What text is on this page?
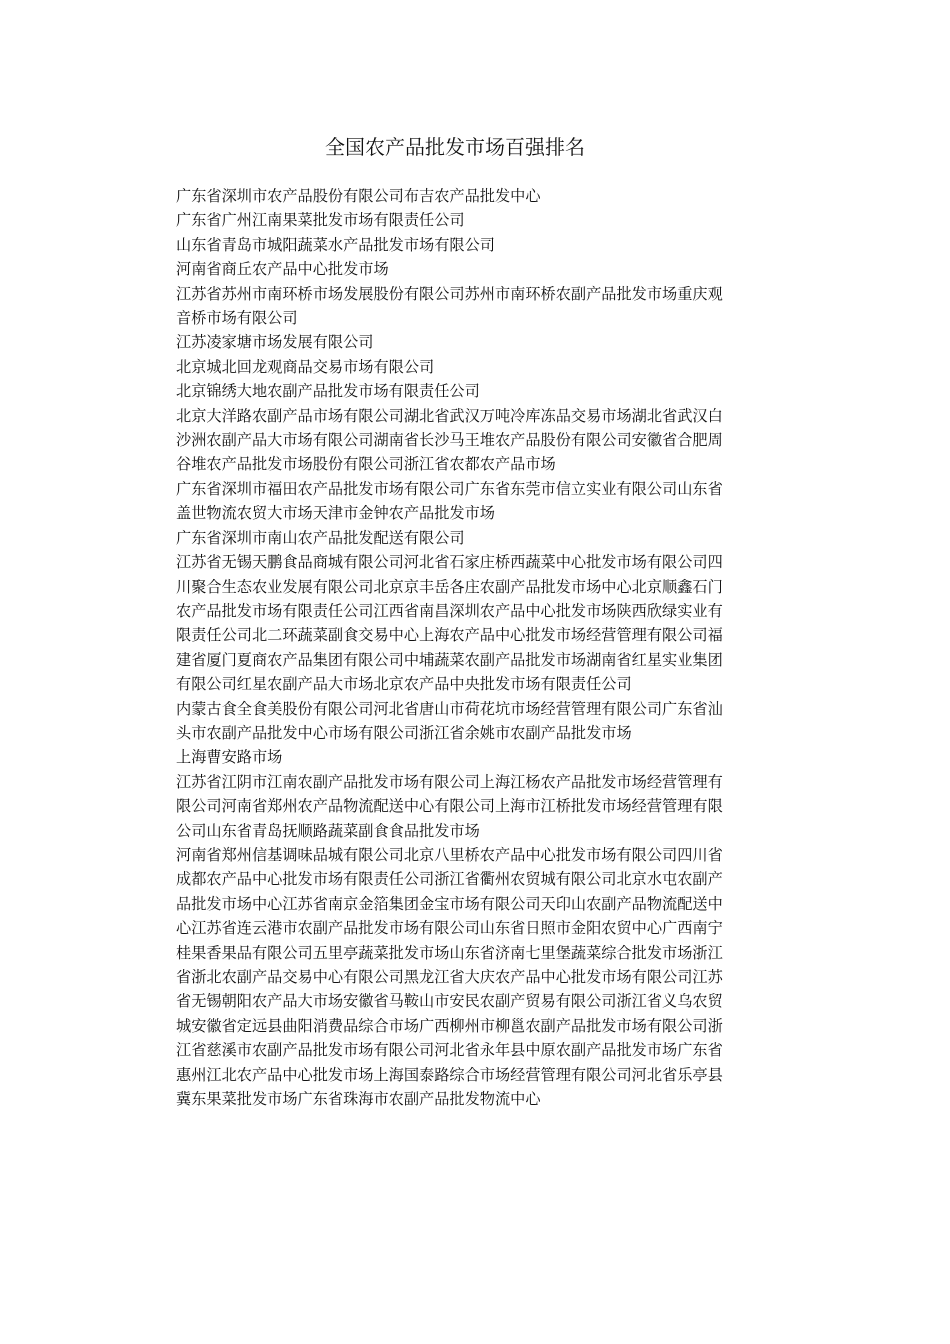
全国农产品批发市场百强排名

广东省深圳市农产品股份有限公司布吉农产品批发中心

广东省广州江南果菜批发市场有限责任公司

山东省青岛市城阳蔬菜水产品批发市场有限公司

河南省商丘农产品中心批发市场

江苏省苏州市南环桥市场发展股份有限公司苏州市南环桥农副产品批发市场重庆观音桥市场有限公司

江苏凌家塘市场发展有限公司

北京城北回龙观商品交易市场有限公司

北京锦绣大地农副产品批发市场有限责任公司

北京大洋路农副产品市场有限公司湖北省武汉万吨冷库冻品交易市场湖北省武汉白沙洲农副产品大市场有限公司湖南省长沙马王堆农产品股份有限公司安徽省合肥周谷堆农产品批发市场股份有限公司浙江省农都农产品市场

广东省深圳市福田农产品批发市场有限公司广东省东莞市信立实业有限公司山东省盖世物流农贸大市场天津市金钟农产品批发市场

广东省深圳市南山农产品批发配送有限公司

江苏省无锡天鹏食品商城有限公司河北省石家庄桥西蔬菜中心批发市场有限公司四川聚合生态农业发展有限公司北京京丰岳各庄农副产品批发市场中心北京顺鑫石门农产品批发市场有限责任公司江西省南昌深圳农产品中心批发市场陕西欣绿实业有限责任公司北二环蔬菜副食交易中心上海农产品中心批发市场经营管理有限公司福建省厦门夏商农产品集团有限公司中埔蔬菜农副产品批发市场湖南省红星实业集团有限公司红星农副产品大市场北京农产品中央批发市场有限责任公司

内蒙古食全食美股份有限公司河北省唐山市荷花坑市场经营管理有限公司广东省汕头市农副产品批发中心市场有限公司浙江省余姚市农副产品批发市场

上海曹安路市场

江苏省江阴市江南农副产品批发市场有限公司上海江杨农产品批发市场经营管理有限公司河南省郑州农产品物流配送中心有限公司上海市江桥批发市场经营管理有限公司山东省青岛抚顺路蔬菜副食食品批发市场

河南省郑州信基调味品城有限公司北京八里桥农产品中心批发市场有限公司四川省成都农产品中心批发市场有限责任公司浙江省衢州农贸城有限公司北京水屯农副产品批发市场中心江苏省南京金箔集团金宝市场有限公司天印山农副产品物流配送中心江苏省连云港市农副产品批发市场有限公司山东省日照市金阳农贸中心广西南宁桂果香果品有限公司五里亭蔬菜批发市场山东省济南七里堡蔬菜综合批发市场浙江省浙北农副产品交易中心有限公司黑龙江省大庆农产品中心批发市场有限公司江苏省无锡朝阳农产品大市场安徽省马鞍山市安民农副产贸易有限公司浙江省义乌农贸城安徽省定远县曲阳消费品综合市场广西柳州市柳邕农副产品批发市场有限公司浙江省慈溪市农副产品批发市场有限公司河北省永年县中原农副产品批发市场广东省惠州江北农产品中心批发市场上海国泰路综合市场经营管理有限公司河北省乐亭县冀东果菜批发市场广东省珠海市农副产品批发物流中心
